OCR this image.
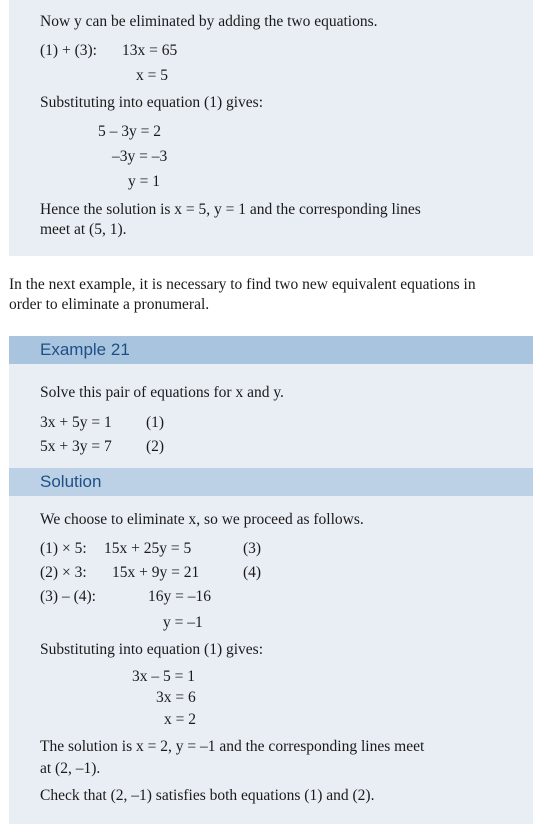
Now y can be eliminated by adding the two equations.
(1) + (3): 13x = 65
x = 5
Substituting into equation (1) gives:
5 – 3y = 2
–3y = –3
y = 1
Hence the solution is x = 5, y = 1 and the corresponding lines
meet at (5, 1).
In the next example, it is necessary to find two new equivalent equations in
order to eliminate a pronumeral.
Example 21
Solve this pair of equations for x and y.
3x + 5y = 1 (1)
5x + 3y = 7 (2)
Solution
We choose to eliminate x, so we proceed as follows.
(1) × 5: 15x + 25y = 5	(3)
(2) × 3: 15x + 9y = 21	(4)
(3) – (4):	16y = –16
y = –1
Substituting into equation (1) gives:
3x – 5 = 1
3x = 6
x = 2
The solution is x = 2, y = –1 and the corresponding lines meet
at (2, –1).
Check that (2, –1) satisfies both equations (1) and (2).
